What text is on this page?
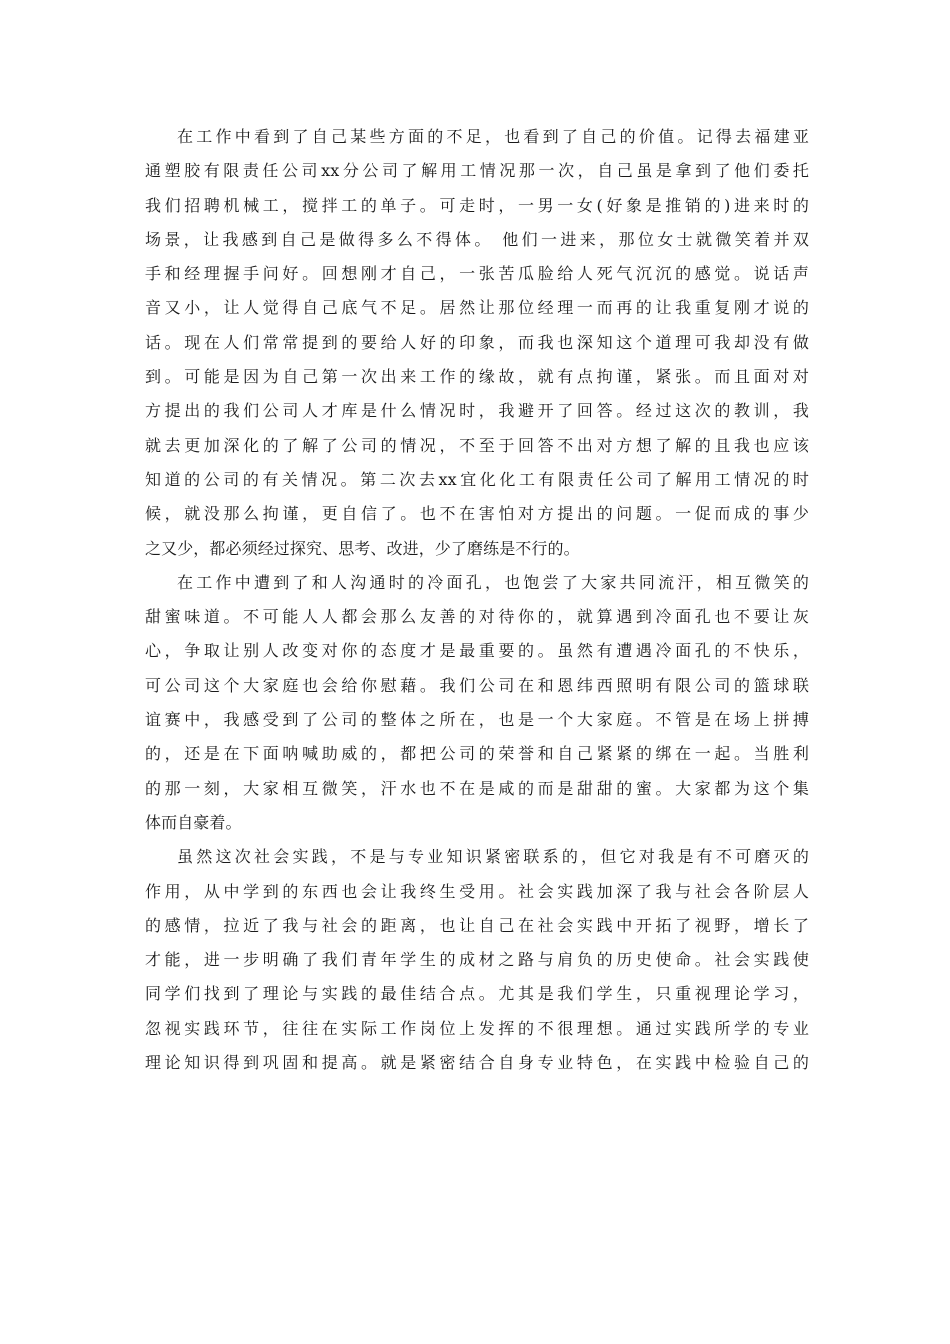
在工作中看到了自己某些方面的不足，也看到了自己的价值。记得去福建亚
通塑胶有限责任公司xx分公司了解用工情况那一次，自己虽是拿到了他们委托
我们招聘机械工，搅拌工的单子。可走时，一男一女(好象是推销的)进来时的
场景，让我感到自己是做得多么不得体。 他们一进来，那位女士就微笑着并双
手和经理握手问好。回想刚才自己，一张苦瓜脸给人死气沉沉的感觉。说话声
音又小，让人觉得自己底气不足。居然让那位经理一而再的让我重复刚才说的
话。现在人们常常提到的要给人好的印象，而我也深知这个道理可我却没有做
到。可能是因为自己第一次出来工作的缘故，就有点拘谨，紧张。而且面对对
方提出的我们公司人才库是什么情况时，我避开了回答。经过这次的教训，我
就去更加深化的了解了公司的情况，不至于回答不出对方想了解的且我也应该
知道的公司的有关情况。第二次去xx宜化化工有限责任公司了解用工情况的时
候，就没那么拘谨，更自信了。也不在害怕对方提出的问题。一促而成的事少
之又少，都必须经过探究、思考、改进，少了磨练是不行的。
在工作中遭到了和人沟通时的冷面孔，也饱尝了大家共同流汗，相互微笑的
甜蜜味道。不可能人人都会那么友善的对待你的，就算遇到冷面孔也不要让灰
心，争取让别人改变对你的态度才是最重要的。虽然有遭遇冷面孔的不快乐，
可公司这个大家庭也会给你慰藉。我们公司在和恩纬西照明有限公司的篮球联
谊赛中，我感受到了公司的整体之所在，也是一个大家庭。不管是在场上拼搏
的，还是在下面呐喊助威的，都把公司的荣誉和自己紧紧的绑在一起。当胜利
的那一刻，大家相互微笑，汗水也不在是咸的而是甜甜的蜜。大家都为这个集
体而自豪着。
虽然这次社会实践，不是与专业知识紧密联系的，但它对我是有不可磨灭的
作用，从中学到的东西也会让我终生受用。社会实践加深了我与社会各阶层人
的感情，拉近了我与社会的距离，也让自己在社会实践中开拓了视野，增长了
才能，进一步明确了我们青年学生的成材之路与肩负的历史使命。社会实践使
同学们找到了理论与实践的最佳结合点。尤其是我们学生，只重视理论学习，
忽视实践环节，往往在实际工作岗位上发挥的不很理想。通过实践所学的专业
理论知识得到巩固和提高。就是紧密结合自身专业特色，在实践中检验自己的
